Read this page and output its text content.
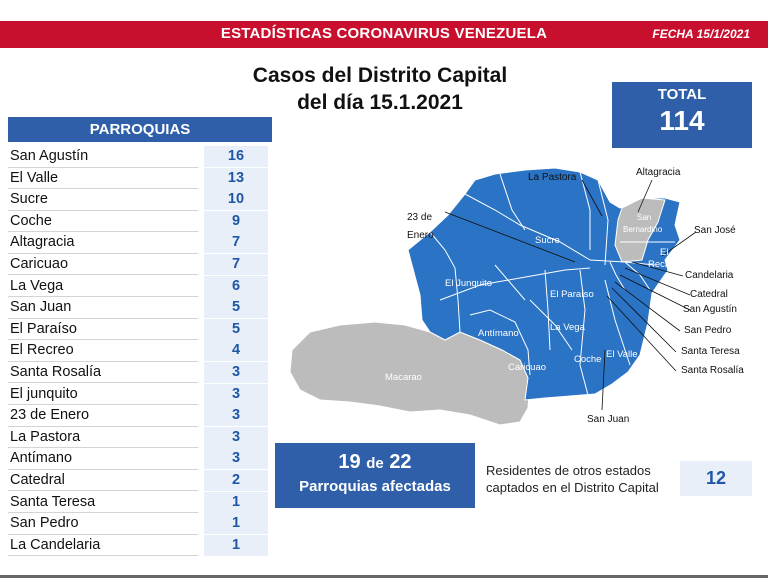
ESTADÍSTICAS CORONAVIRUS VENEZUELA	FECHA 15/1/2021
Casos del Distrito Capital
del día 15.1.2021	TOTAL
114
PARROQUIAS
San Agustín	16
El Valle	13
Sucre	10
Coche	9
Altagracia	7
Caricuao	7
La Vega	6
San Juan	5
El Paraíso	5
El Recreo	4
Santa Rosalía	3
El junquito	3
23 de Enero	3
La Pastora	3
Antímano	3
Catedral	2
Santa Teresa	1
San Pedro	1
La Candelaria	1
La Pastora	Altagracia
23 de
Enero	Sucre
San
Bernardino	San José
El
Recreo
Candelaria
Catedral
San Agustín
San Pedro
Santa Teresa
Santa Rosalía
El Junquito
El Paraíso
Antímano
La Vega
Macarao
Caricuao
Coche El Valle
San Juan
19 de 22
Parroquias afectadas
Residentes de otros estados
captados en el Distrito Capital	12
